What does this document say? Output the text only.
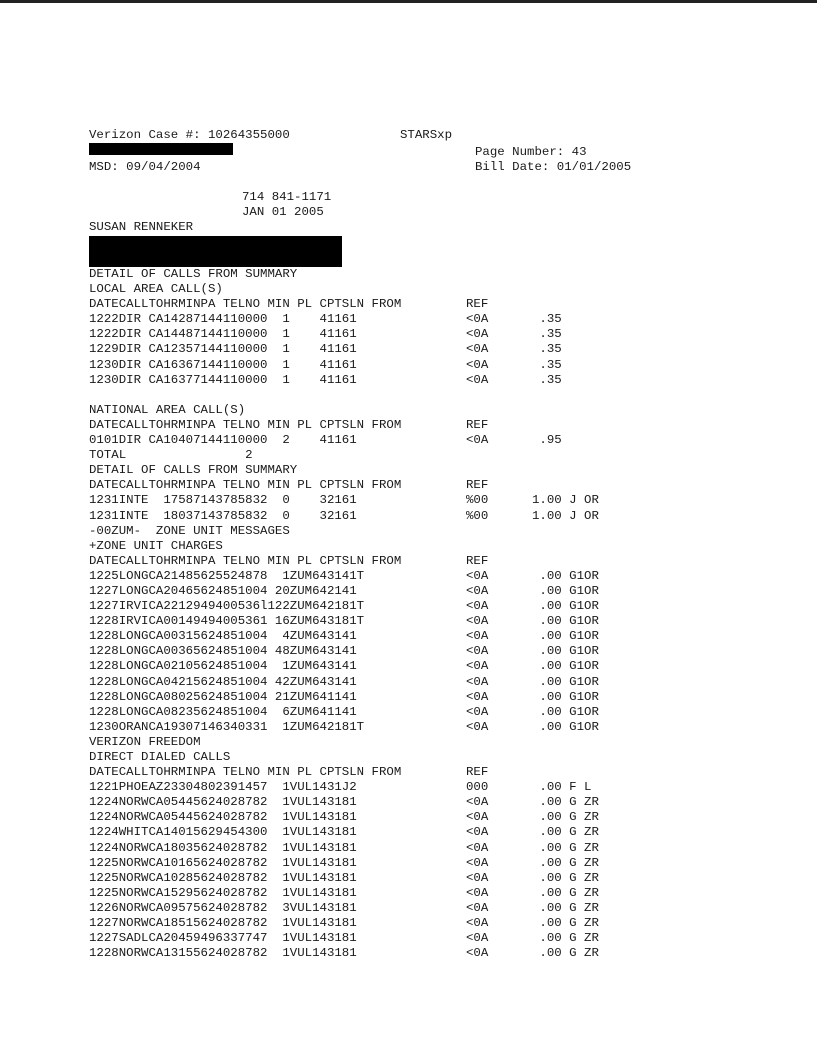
Verizon Case #: 10264355000	STARSxp
Page Number: 43
MSD: 09/04/2004	Bill Date: 01/01/2005
714 841-1171
JAN 01 2005
SUSAN RENNEKER
DETAIL OF CALLS FROM SUMMARY
LOCAL AREA CALL(S)
DATECALLTOHRMINPA TELNO MIN PL CPTSLN FROM	REF
1222DIR CA14287144110000  1    41161	<0A	.35
1222DIR CA14487144110000  1    41161	<0A	.35
1229DIR CA12357144110000  1    41161	<0A	.35
1230DIR CA16367144110000  1    41161	<0A	.35
1230DIR CA16377144110000  1    41161	<0A	.35
NATIONAL AREA CALL(S)
DATECALLTOHRMINPA TELNO MIN PL CPTSLN FROM	REF
0101DIR CA10407144110000  2    41161	<0A	.95
TOTAL                2
DETAIL OF CALLS FROM SUMMARY
DATECALLTOHRMINPA TELNO MIN PL CPTSLN FROM	REF
1231INTE  17587143785832  0    32161	%00	1.00 J OR
1231INTE  18037143785832  0    32161	%00	1.00 J OR
-00ZUM-  ZONE UNIT MESSAGES
+ZONE UNIT CHARGES
DATECALLTOHRMINPA TELNO MIN PL CPTSLN FROM	REF
1225LONGCA21485625524878  1ZUM643141T	<0A	.00 G1OR
1227LONGCA20465624851004 20ZUM642141	<0A	.00 G1OR
1227IRVICA2212949400536l122ZUM642181T	<0A	.00 G1OR
1228IRVICA00149494005361 16ZUM643181T	<0A	.00 G1OR
1228LONGCA00315624851004  4ZUM643141	<0A	.00 G1OR
1228LONGCA00365624851004 48ZUM643141	<0A	.00 G1OR
1228LONGCA02105624851004  1ZUM643141	<0A	.00 G1OR
1228LONGCA04215624851004 42ZUM643141	<0A	.00 G1OR
1228LONGCA08025624851004 21ZUM641141	<0A	.00 G1OR
1228LONGCA08235624851004  6ZUM641141	<0A	.00 G1OR
1230ORANCA19307146340331  1ZUM642181T	<0A	.00 G1OR
VERIZON FREEDOM
DIRECT DIALED CALLS
DATECALLTOHRMINPA TELNO MIN PL CPTSLN FROM	REF
1221PHOEAZ23304802391457  1VUL1431J2	000	.00 F L
1224NORWCA05445624028782  1VUL143181	<0A	.00 G ZR
1224NORWCA05445624028782  1VUL143181	<0A	.00 G ZR
1224WHITCA14015629454300  1VUL143181	<0A	.00 G ZR
1224NORWCA18035624028782  1VUL143181	<0A	.00 G ZR
1225NORWCA10165624028782  1VUL143181	<0A	.00 G ZR
1225NORWCA10285624028782  1VUL143181	<0A	.00 G ZR
1225NORWCA15295624028782  1VUL143181	<0A	.00 G ZR
1226NORWCA09575624028782  3VUL143181	<0A	.00 G ZR
1227NORWCA18515624028782  1VUL143181	<0A	.00 G ZR
1227SADLCA20459496337747  1VUL143181	<0A	.00 G ZR
1228NORWCA13155624028782  1VUL143181	<0A	.00 G ZR
